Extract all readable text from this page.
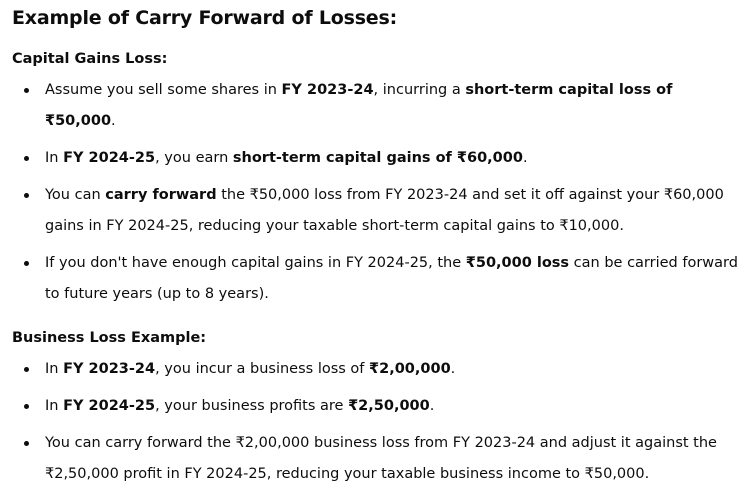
Example of Carry Forward of Losses:
Capital Gains Loss:
Assume you sell some shares in FY 2023-24, incurring a short-term capital loss of ₹50,000.
In FY 2024-25, you earn short-term capital gains of ₹60,000.
You can carry forward the ₹50,000 loss from FY 2023-24 and set it off against your ₹60,000 gains in FY 2024-25, reducing your taxable short-term capital gains to ₹10,000.
If you don't have enough capital gains in FY 2024-25, the ₹50,000 loss can be carried forward to future years (up to 8 years).
Business Loss Example:
In FY 2023-24, you incur a business loss of ₹2,00,000.
In FY 2024-25, your business profits are ₹2,50,000.
You can carry forward the ₹2,00,000 business loss from FY 2023-24 and adjust it against the ₹2,50,000 profit in FY 2024-25, reducing your taxable business income to ₹50,000.
